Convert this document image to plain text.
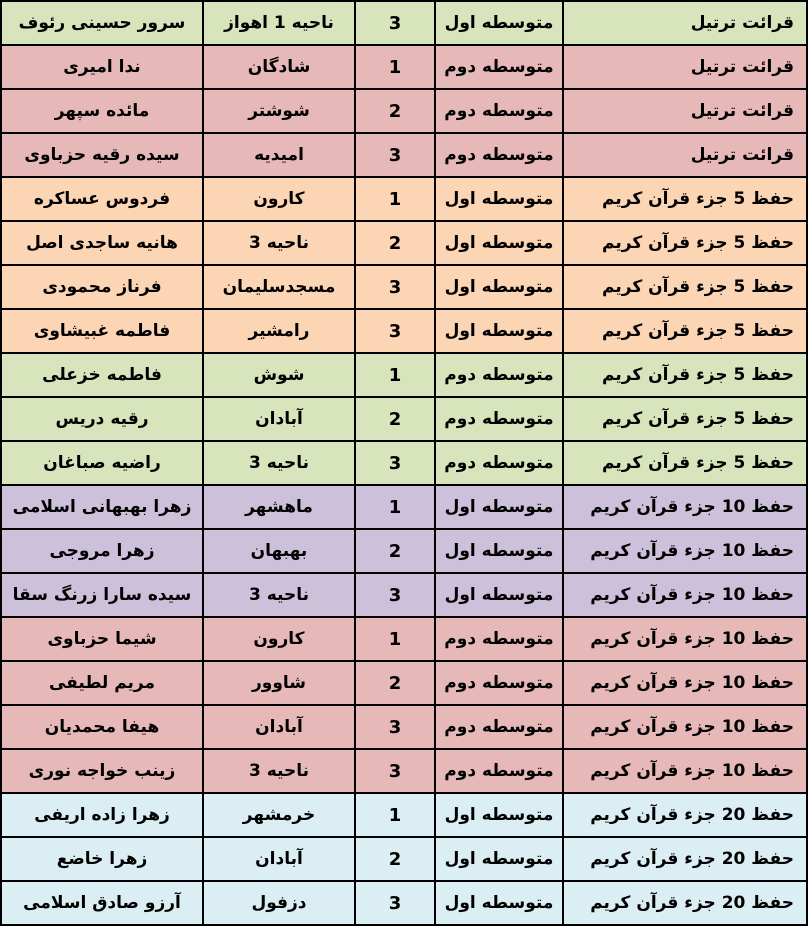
قرائت ترتیل	متوسطه اول	3	ناحیه 1 اهواز	سرور حسینی رئوف
قرائت ترتیل	متوسطه دوم	1	شادگان	ندا امیری
قرائت ترتیل	متوسطه دوم	2	شوشتر	مائده سپهر
قرائت ترتیل	متوسطه دوم	3	امیدیه	سیده رقیه حزباوی
حفظ 5 جزء قرآن کریم	متوسطه اول	1	کارون	فردوس عساکره
حفظ 5 جزء قرآن کریم	متوسطه اول	2	ناحیه 3	هانیه ساجدی اصل
حفظ 5 جزء قرآن کریم	متوسطه اول	3	مسجدسلیمان	فرناز محمودی
حفظ 5 جزء قرآن کریم	متوسطه اول	3	رامشیر	فاطمه غبیشاوی
حفظ 5 جزء قرآن کریم	متوسطه دوم	1	شوش	فاطمه خزعلی
حفظ 5 جزء قرآن کریم	متوسطه دوم	2	آبادان	رقیه دریس
حفظ 5 جزء قرآن کریم	متوسطه دوم	3	ناحیه 3	راضیه صباغان
حفظ 10 جزء قرآن کریم	متوسطه اول	1	ماهشهر	زهرا بهبهانی اسلامی
حفظ 10 جزء قرآن کریم	متوسطه اول	2	بهبهان	زهرا مروجی
حفظ 10 جزء قرآن کریم	متوسطه اول	3	ناحیه 3	سیده سارا زرنگ سقا
حفظ 10 جزء قرآن کریم	متوسطه دوم	1	کارون	شیما حزباوی
حفظ 10 جزء قرآن کریم	متوسطه دوم	2	شاوور	مریم لطیفی
حفظ 10 جزء قرآن کریم	متوسطه دوم	3	آبادان	هیفا محمدیان
حفظ 10 جزء قرآن کریم	متوسطه دوم	3	ناحیه 3	زینب خواجه نوری
حفظ 20 جزء قرآن کریم	متوسطه اول	1	خرمشهر	زهرا زاده اریفی
حفظ 20 جزء قرآن کریم	متوسطه اول	2	آبادان	زهرا خاضع
حفظ 20 جزء قرآن کریم	متوسطه اول	3	دزفول	آرزو صادق اسلامی
